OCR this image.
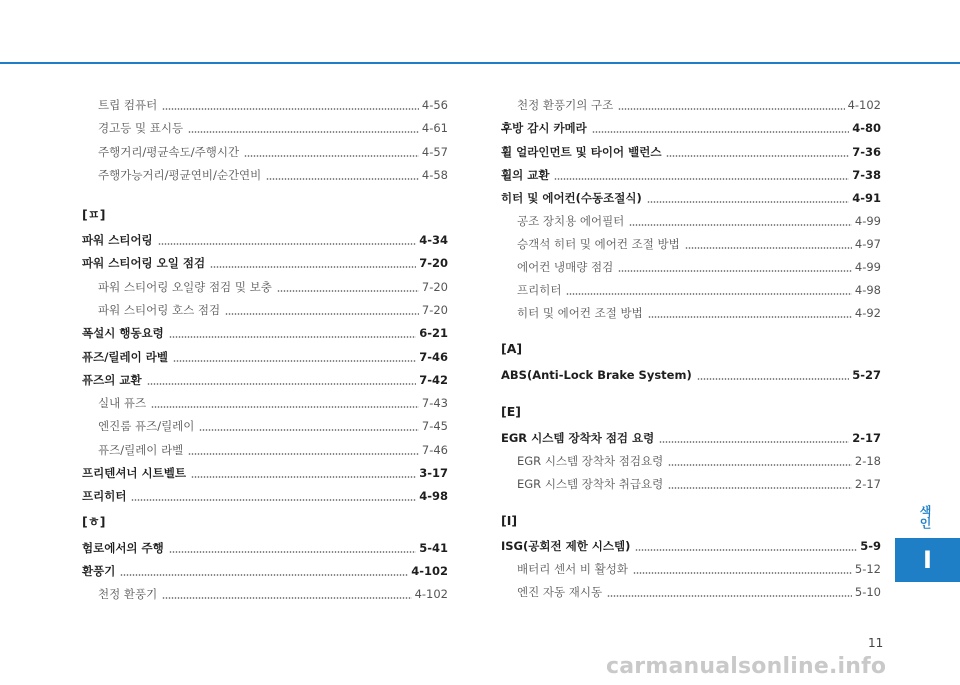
트립 컴퓨터	4-56
경고등 및 표시등	4-61
주행거리/평균속도/주행시간	4-57
주행가능거리/평균연비/순간연비	4-58
[ㅍ]
파워 스티어링	4-34
파워 스티어링 오일 점검	7-20
파워 스티어링 오일량 점검 및 보충	7-20
파워 스티어링 호스 점검	7-20
폭설시 행동요령	6-21
퓨즈/릴레이 라벨	7-46
퓨즈의 교환	7-42
실내 퓨즈	7-43
엔진룸 퓨즈/릴레이	7-45
퓨즈/릴레이 라벨	7-46
프리텐셔너 시트벨트	3-17
프리히터	4-98
[ㅎ]
험로에서의 주행	5-41
환풍기	4-102
천정 환풍기	4-102
천정 환풍기의 구조	4-102
후방 감시 카메라	4-80
휠 얼라인먼트 및 타이어 밸런스	7-36
휠의 교환	7-38
히터 및 에어컨(수동조절식)	4-91
공조 장치용 에어필터	4-99
승객석 히터 및 에어컨 조절 방법	4-97
에어컨 냉매량 점검	4-99
프리히터	4-98
히터 및 에어컨 조절 방법	4-92
[A]
ABS(Anti-Lock Brake System)	5-27
[E]
EGR 시스템 장착차 점검 요령	2-17
EGR 시스템 장착차 점검요령	2-18
EGR 시스템 장착차 취급요령	2-17
[I]
ISG(공회전 제한 시스템)	5-9
배터리 센서 비 활성화	5-12
엔진 자동 재시동	5-10
색인
I
11
carmanualsonline.info
